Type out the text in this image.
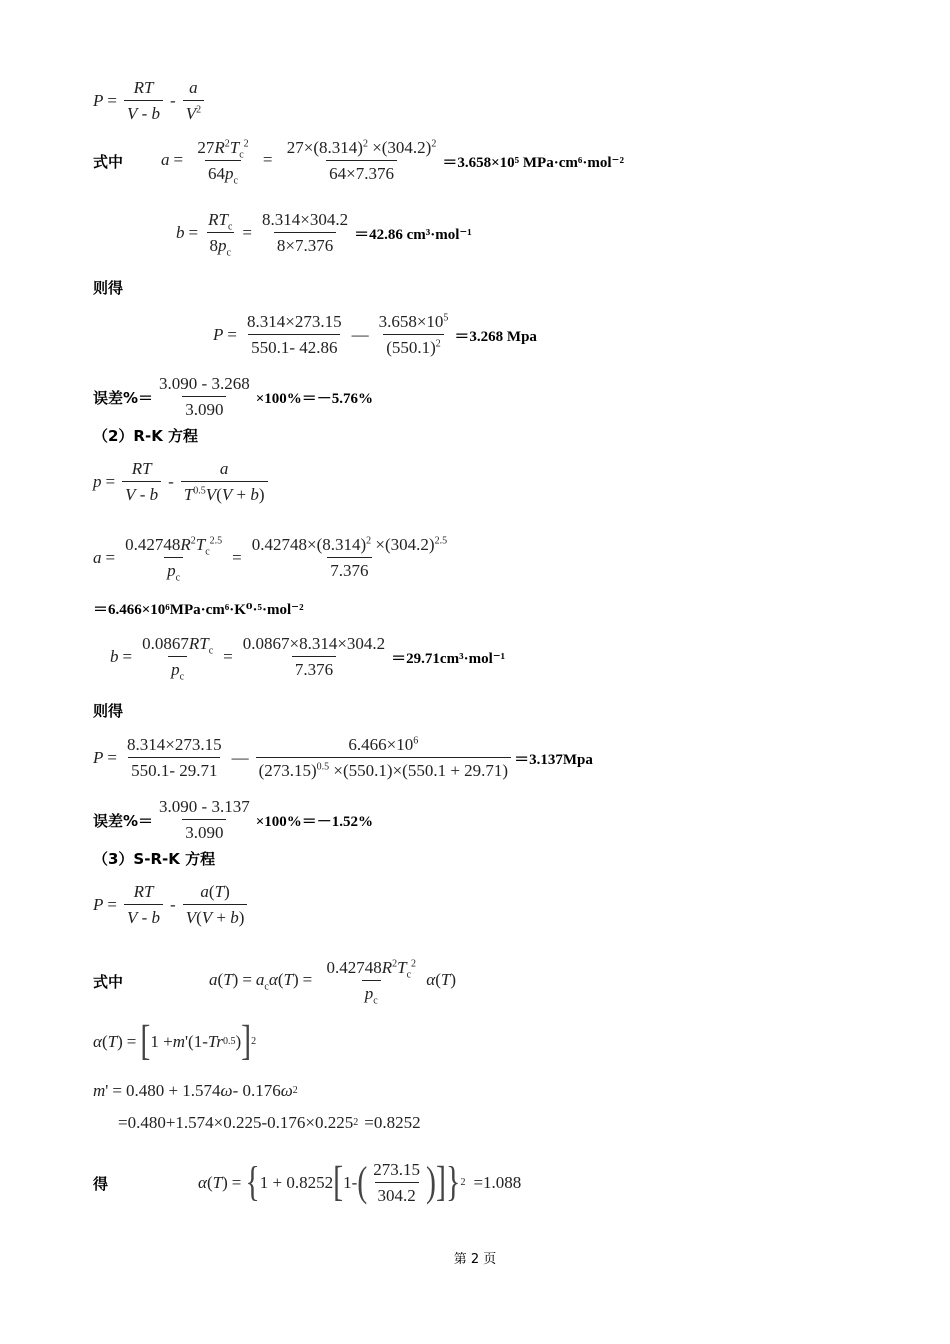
$P = \frac{RT}{V - b} - \frac{a}{V^2}$
式中 $a = \frac{27R^2T_c^2}{64p_c} = \frac{27\times(8.314)^2 \times(304.2)^2}{64\times 7.376} =3.658\times 10^5$ MPa·cm⁶·mol⁻²
$b = \frac{RT_c}{8p_c} = \frac{8.314\times 304.2}{8\times 7.376} =42.86$ cm³·mol⁻¹
则得
$P = \frac{8.314\times 273.15}{550.1- 42.86}$ — $\frac{3.658\times 10^5}{(550.1)^2} =3.268$ Mpa
误差%＝ $\frac{3.090 - 3.268}{3.090} \times 100\%=-5.76\%$
（2）R-K 方程
$p = \frac{RT}{V - b} - \frac{a}{T^{0.5}V(V + b)}$
$a = \frac{0.42748R^2T_c^{2.5}}{p_c} = \frac{0.42748\times(8.314)^2 \times(304.2)^{2.5}}{7.376}$
＝6.466×10⁶MPa·cm⁶·K⁰·⁵·mol⁻²
$b = \frac{0.0867RT_c}{p_c} = \frac{0.0867\times 8.314\times 304.2}{7.376} =29.71cm^3\cdot mol^{-1}$
则得
$P = \frac{8.314\times 273.15}{550.1- 29.71}$ — $\frac{6.466\times 10^6}{(273.15)^{0.5} \times(550.1)\times(550.1 + 29.71)} =3.137Mpa$
误差%＝ $\frac{3.090 - 3.137}{3.090} \times 100\%=-1.52\%$
（3）S-R-K 方程
$P = \frac{RT}{V - b} - \frac{a(T)}{V(V + b)}$
式中	$a(T) = a_c\alpha(T) = \frac{0.42748R^2T_c^2}{p_c} \alpha(T)$
α ( T ) = [ 1 + m '(1- Tr 0.5 ) ] 2
m ' = 0.480 + 1.574 ω - 0.176 ω 2
=0.480+1.574×0.225-0.176×0.225 2 =0.8252
得	α ( T ) = { 1 + 0.8252 [ 1- ( $\frac{273.15}{304.2}$ ) ] } 2 =1.088
第 2 页
